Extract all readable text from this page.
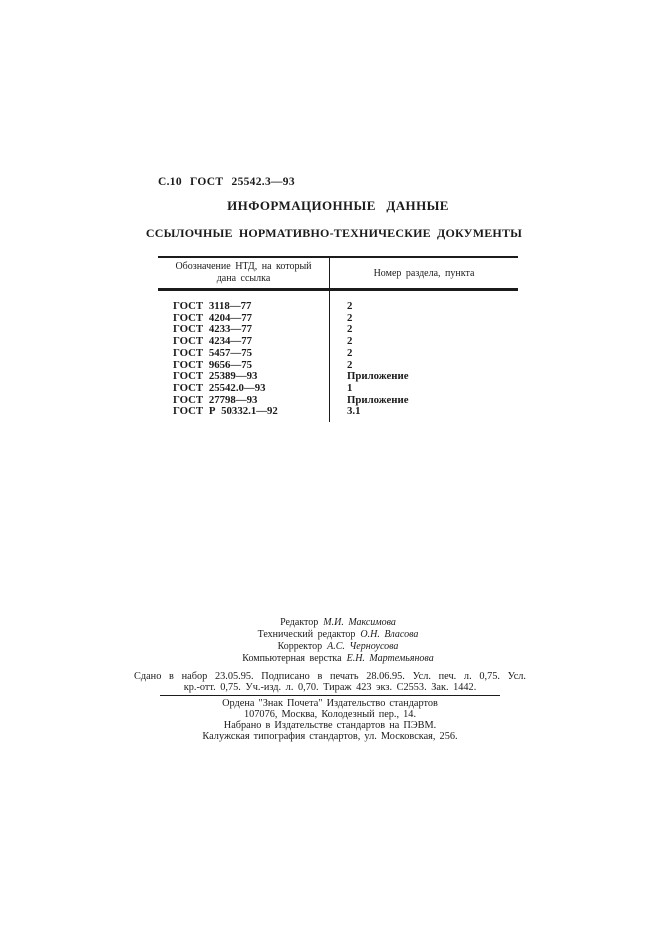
С.10 ГОСТ 25542.3—93
ИНФОРМАЦИОННЫЕ ДАННЫЕ
ССЫЛОЧНЫЕ НОРМАТИВНО-ТЕХНИЧЕСКИЕ ДОКУМЕНТЫ
Обозначение НТД, на который
дана ссылка	Номер раздела, пункта
ГОСТ 3118—77	2
ГОСТ 4204—77	2
ГОСТ 4233—77	2
ГОСТ 4234—77	2
ГОСТ 5457—75	2
ГОСТ 9656—75	2
ГОСТ 25389—93	Приложение
ГОСТ 25542.0—93	1
ГОСТ 27798—93	Приложение
ГОСТ Р 50332.1—92	3.1
Редактор М.И. Максимова
Технический редактор О.Н. Власова
Корректор А.С. Черноусова
Компьютерная верстка Е.Н. Мартемьянова
Сдано в набор 23.05.95. Подписано в печать 28.06.95. Усл. печ. л. 0,75. Усл.
кр.-отт. 0,75. Уч.-изд. л. 0,70. Тираж 423 экз. С2553. Зак. 1442.
Ордена "Знак Почета" Издательство стандартов
107076, Москва, Колодезный пер., 14.
Набрано в Издательстве стандартов на ПЭВМ.
Калужская типография стандартов, ул. Московская, 256.
